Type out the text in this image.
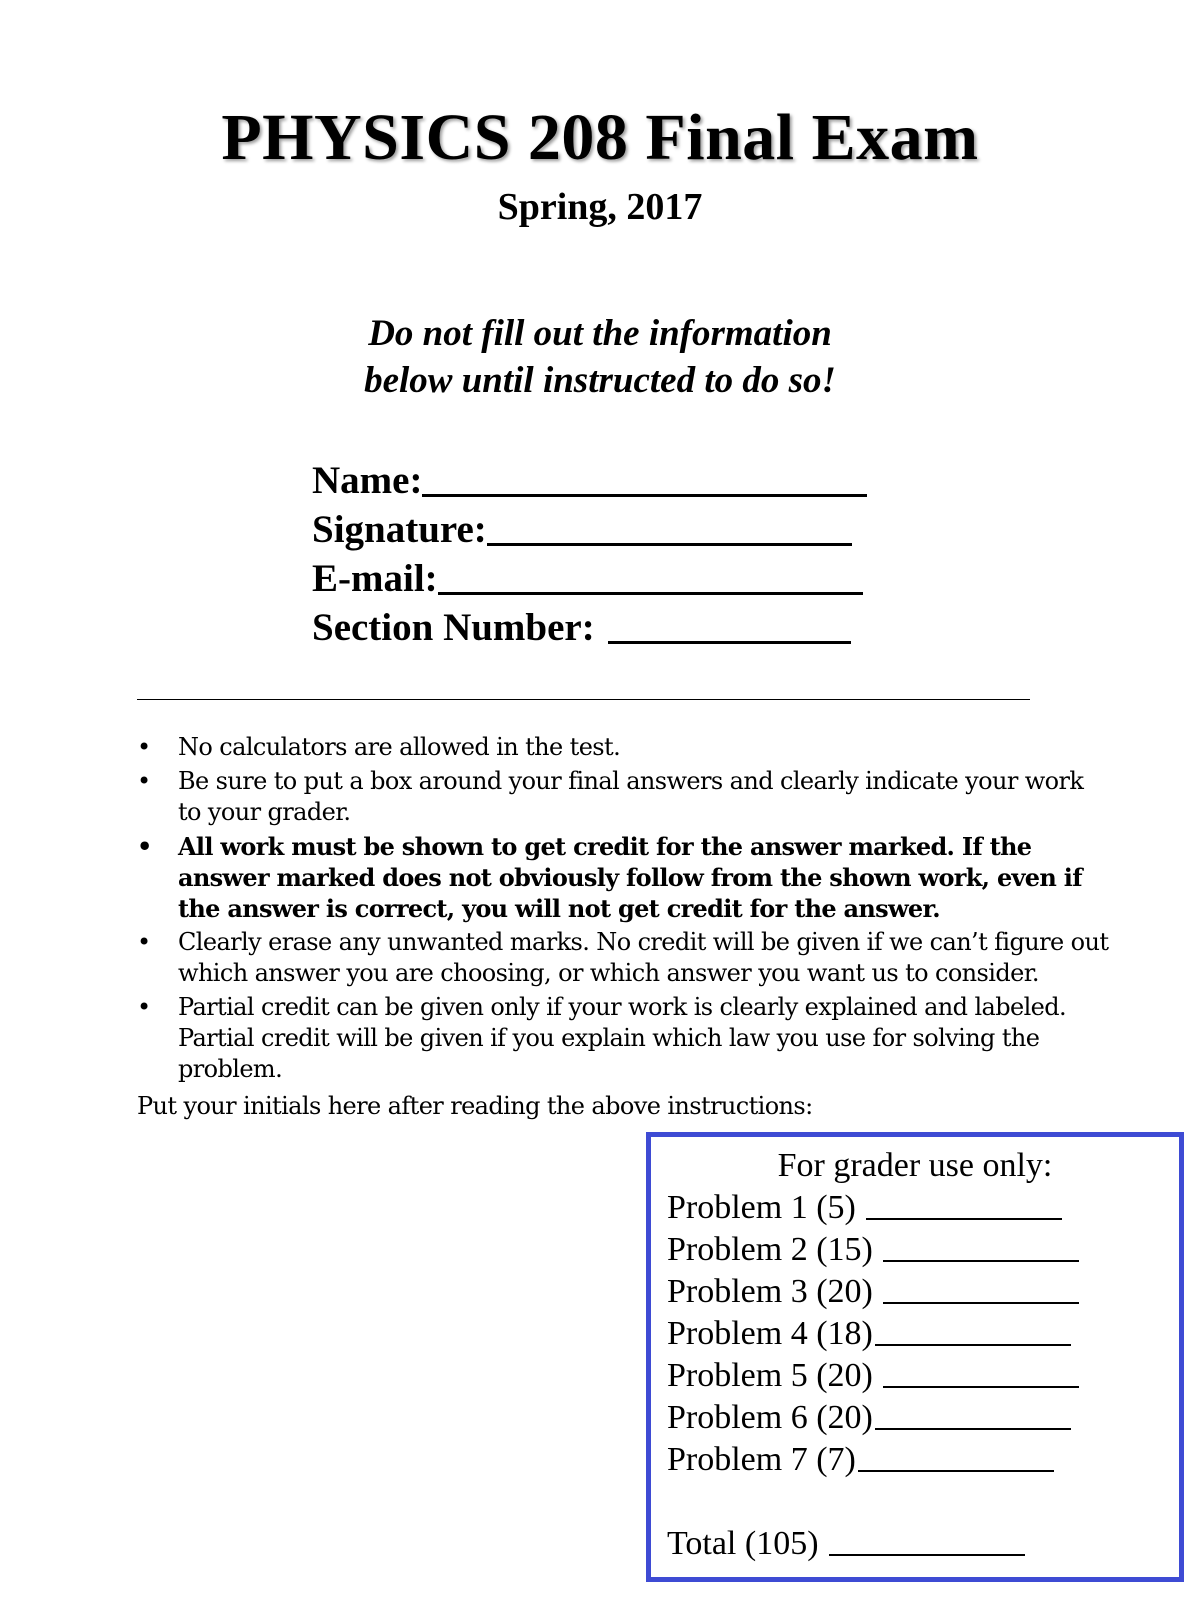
PHYSICS 208 Final Exam
Spring, 2017
Do not fill out the information
below until instructed to do so!
Name:
Signature:
E-mail:
Section Number:
• No calculators are allowed in the test.
• Be sure to put a box around your final answers and clearly indicate your work to your grader.
• All work must be shown to get credit for the answer marked. If the answer marked does not obviously follow from the shown work, even if the answer is correct, you will not get credit for the answer.
• Clearly erase any unwanted marks. No credit will be given if we can’t figure out which answer you are choosing, or which answer you want us to consider.
• Partial credit can be given only if your work is clearly explained and labeled. Partial credit will be given if you explain which law you use for solving the problem.
Put your initials here after reading the above instructions:
For grader use only:
Problem 1 (5)
Problem 2 (15)
Problem 3 (20)
Problem 4 (18)
Problem 5 (20)
Problem 6 (20)
Problem 7 (7)
Total (105)
